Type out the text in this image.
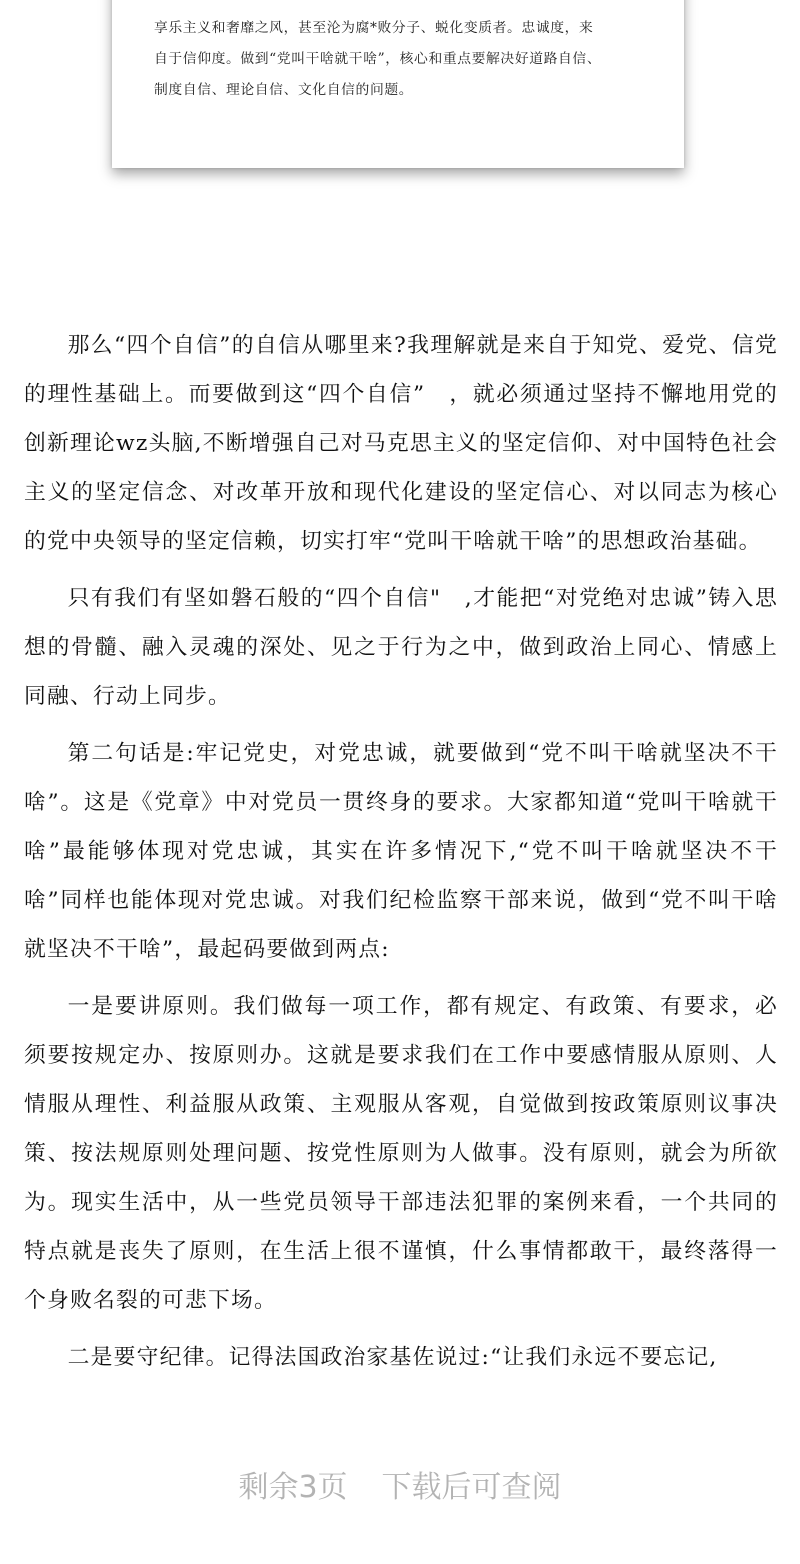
享乐主义和奢靡之风，甚至沦为腐*败分子、蜕化变质者。忠诚度，来

自于信仰度。做到“党叫干啥就干啥”，核心和重点要解决好道路自信、

制度自信、理论自信、文化自信的问题。

那么“四个自信”的自信从哪里来?我理解就是来自于知党、爱党、信党的理性基础上。而要做到这“四个自信”　，就必须通过坚持不懈地用党的创新理论wz头脑,不断增强自己对马克思主义的坚定信仰、对中国特色社会主义的坚定信念、对改革开放和现代化建设的坚定信心、对以同志为核心的党中央领导的坚定信赖，切实打牢“党叫干啥就干啥”的思想政治基础。

只有我们有坚如磐石般的“四个自信"　,才能把“对党绝对忠诚”铸入思想的骨髓、融入灵魂的深处、见之于行为之中，做到政治上同心、情感上同融、行动上同步。

第二句话是:牢记党史，对党忠诚，就要做到“党不叫干啥就坚决不干啥”。这是《党章》中对党员一贯终身的要求。大家都知道“党叫干啥就干啥”最能够体现对党忠诚，其实在许多情况下,“党不叫干啥就坚决不干啥”同样也能体现对党忠诚。对我们纪检监察干部来说，做到“党不叫干啥就坚决不干啥”，最起码要做到两点:

一是要讲原则。我们做每一项工作，都有规定、有政策、有要求，必须要按规定办、按原则办。这就是要求我们在工作中要感情服从原则、人情服从理性、利益服从政策、主观服从客观，自觉做到按政策原则议事决策、按法规原则处理问题、按党性原则为人做事。没有原则，就会为所欲为。现实生活中，从一些党员领导干部违法犯罪的案例来看，一个共同的特点就是丧失了原则，在生活上很不谨慎，什么事情都敢干，最终落得一个身败名裂的可悲下场。

二是要守纪律。记得法国政治家基佐说过:“让我们永远不要忘记,

剩余3页 下载后可查阅
